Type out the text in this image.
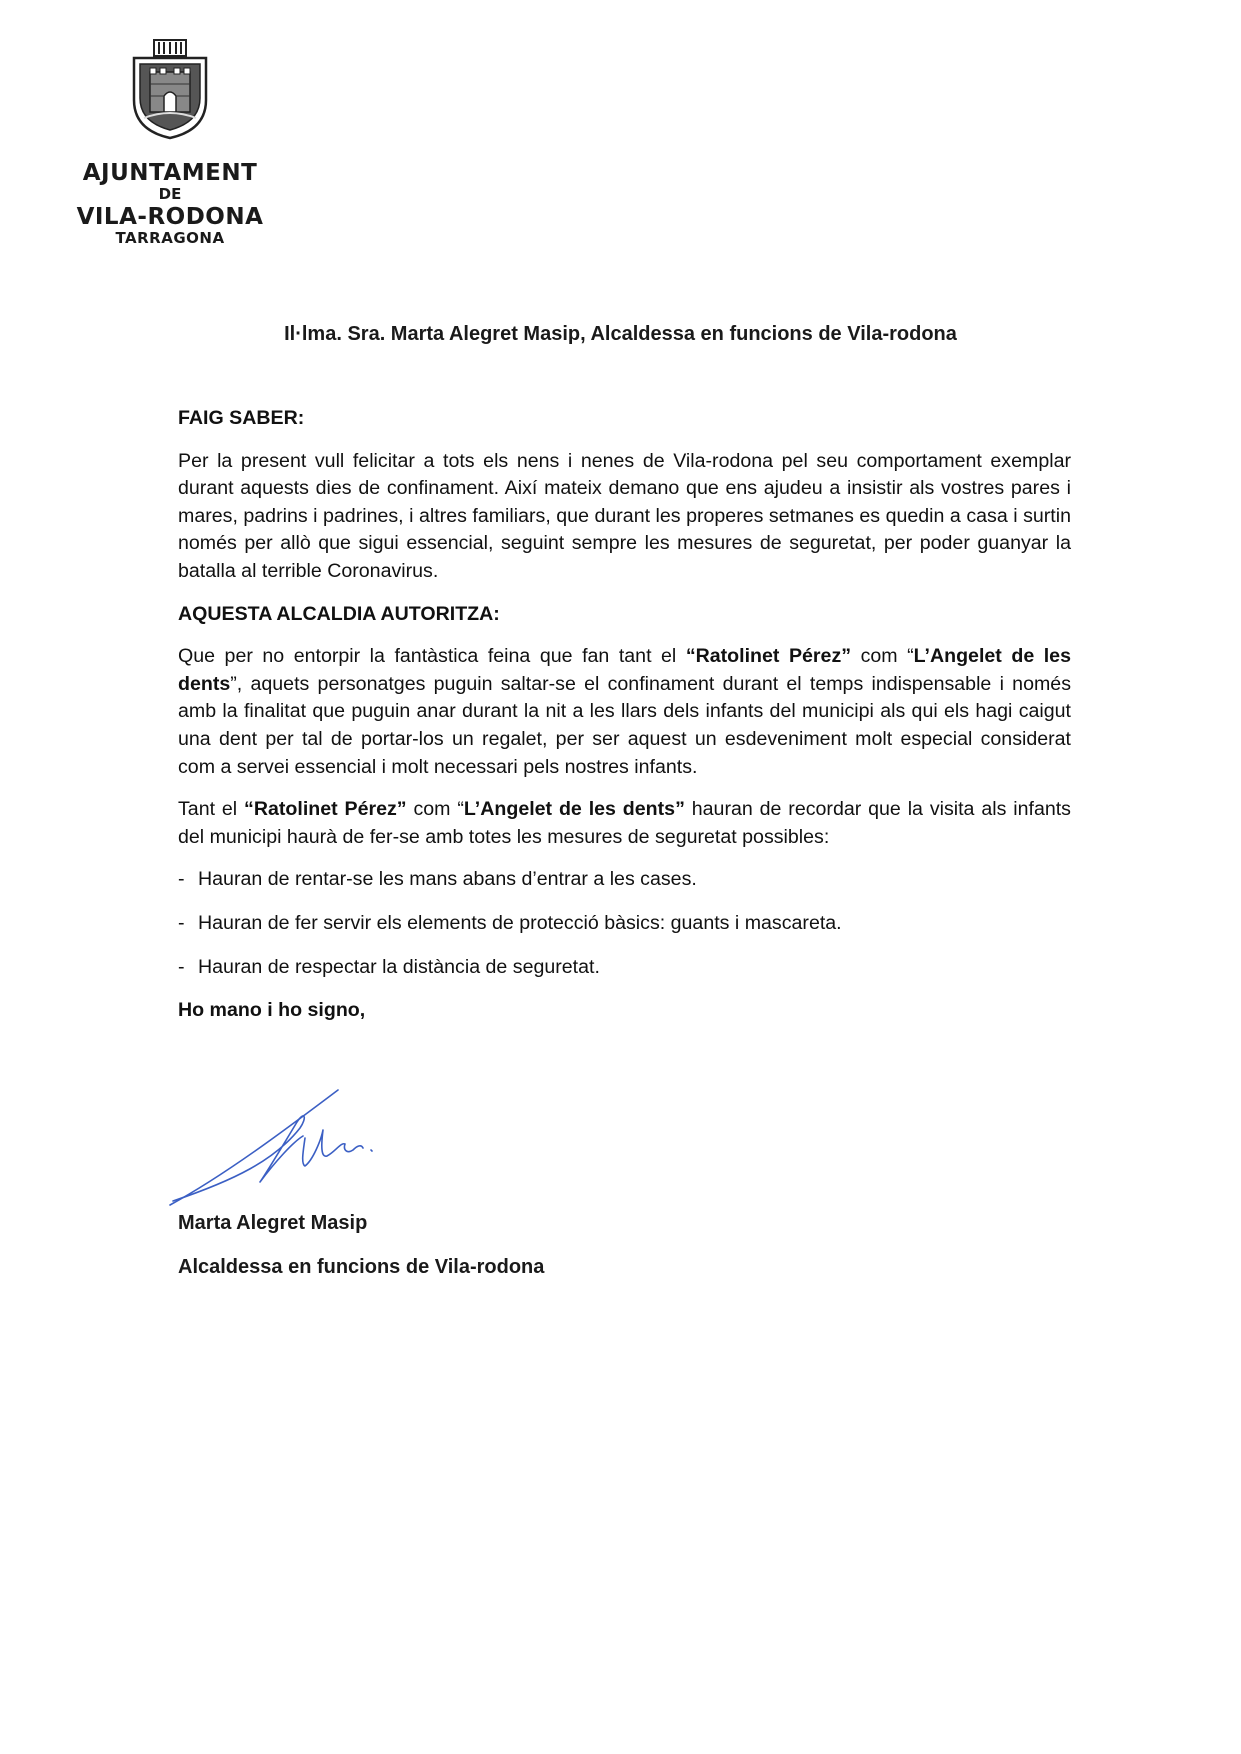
AJUNTAMENT
DE
VILA-RODONA
TARRAGONA
Il·lma. Sra. Marta Alegret Masip, Alcaldessa en funcions de Vila-rodona
FAIG SABER:

Per la present vull felicitar a tots els nens i nenes de Vila-rodona pel seu comportament exemplar durant aquests dies de confinament. Així mateix demano que ens ajudeu a insistir als vostres pares i mares, padrins i padrines, i altres familiars, que durant les properes setmanes es quedin a casa i surtin només per allò que sigui essencial, seguint sempre les mesures de seguretat, per poder guanyar la batalla al terrible Coronavirus.

AQUESTA ALCALDIA AUTORITZA:

Que per no entorpir la fantàstica feina que fan tant el “Ratolinet Pérez” com “L’Angelet de les dents”, aquets personatges puguin saltar-se el confinament durant el temps indispensable i només amb la finalitat que puguin anar durant la nit a les llars dels infants del municipi als qui els hagi caigut una dent per tal de portar-los un regalet, per ser aquest un esdeveniment molt especial considerat com a servei essencial i molt necessari pels nostres infants.

Tant el “Ratolinet Pérez” com “L’Angelet de les dents” hauran de recordar que la visita als infants del municipi haurà de fer-se amb totes les mesures de seguretat possibles:

- Hauran de rentar-se les mans abans d’entrar a les cases.
- Hauran de fer servir els elements de protecció bàsics: guants i mascareta.
- Hauran de respectar la distància de seguretat.
Ho mano i ho signo,
Marta Alegret Masip
Alcaldessa en funcions de Vila-rodona
